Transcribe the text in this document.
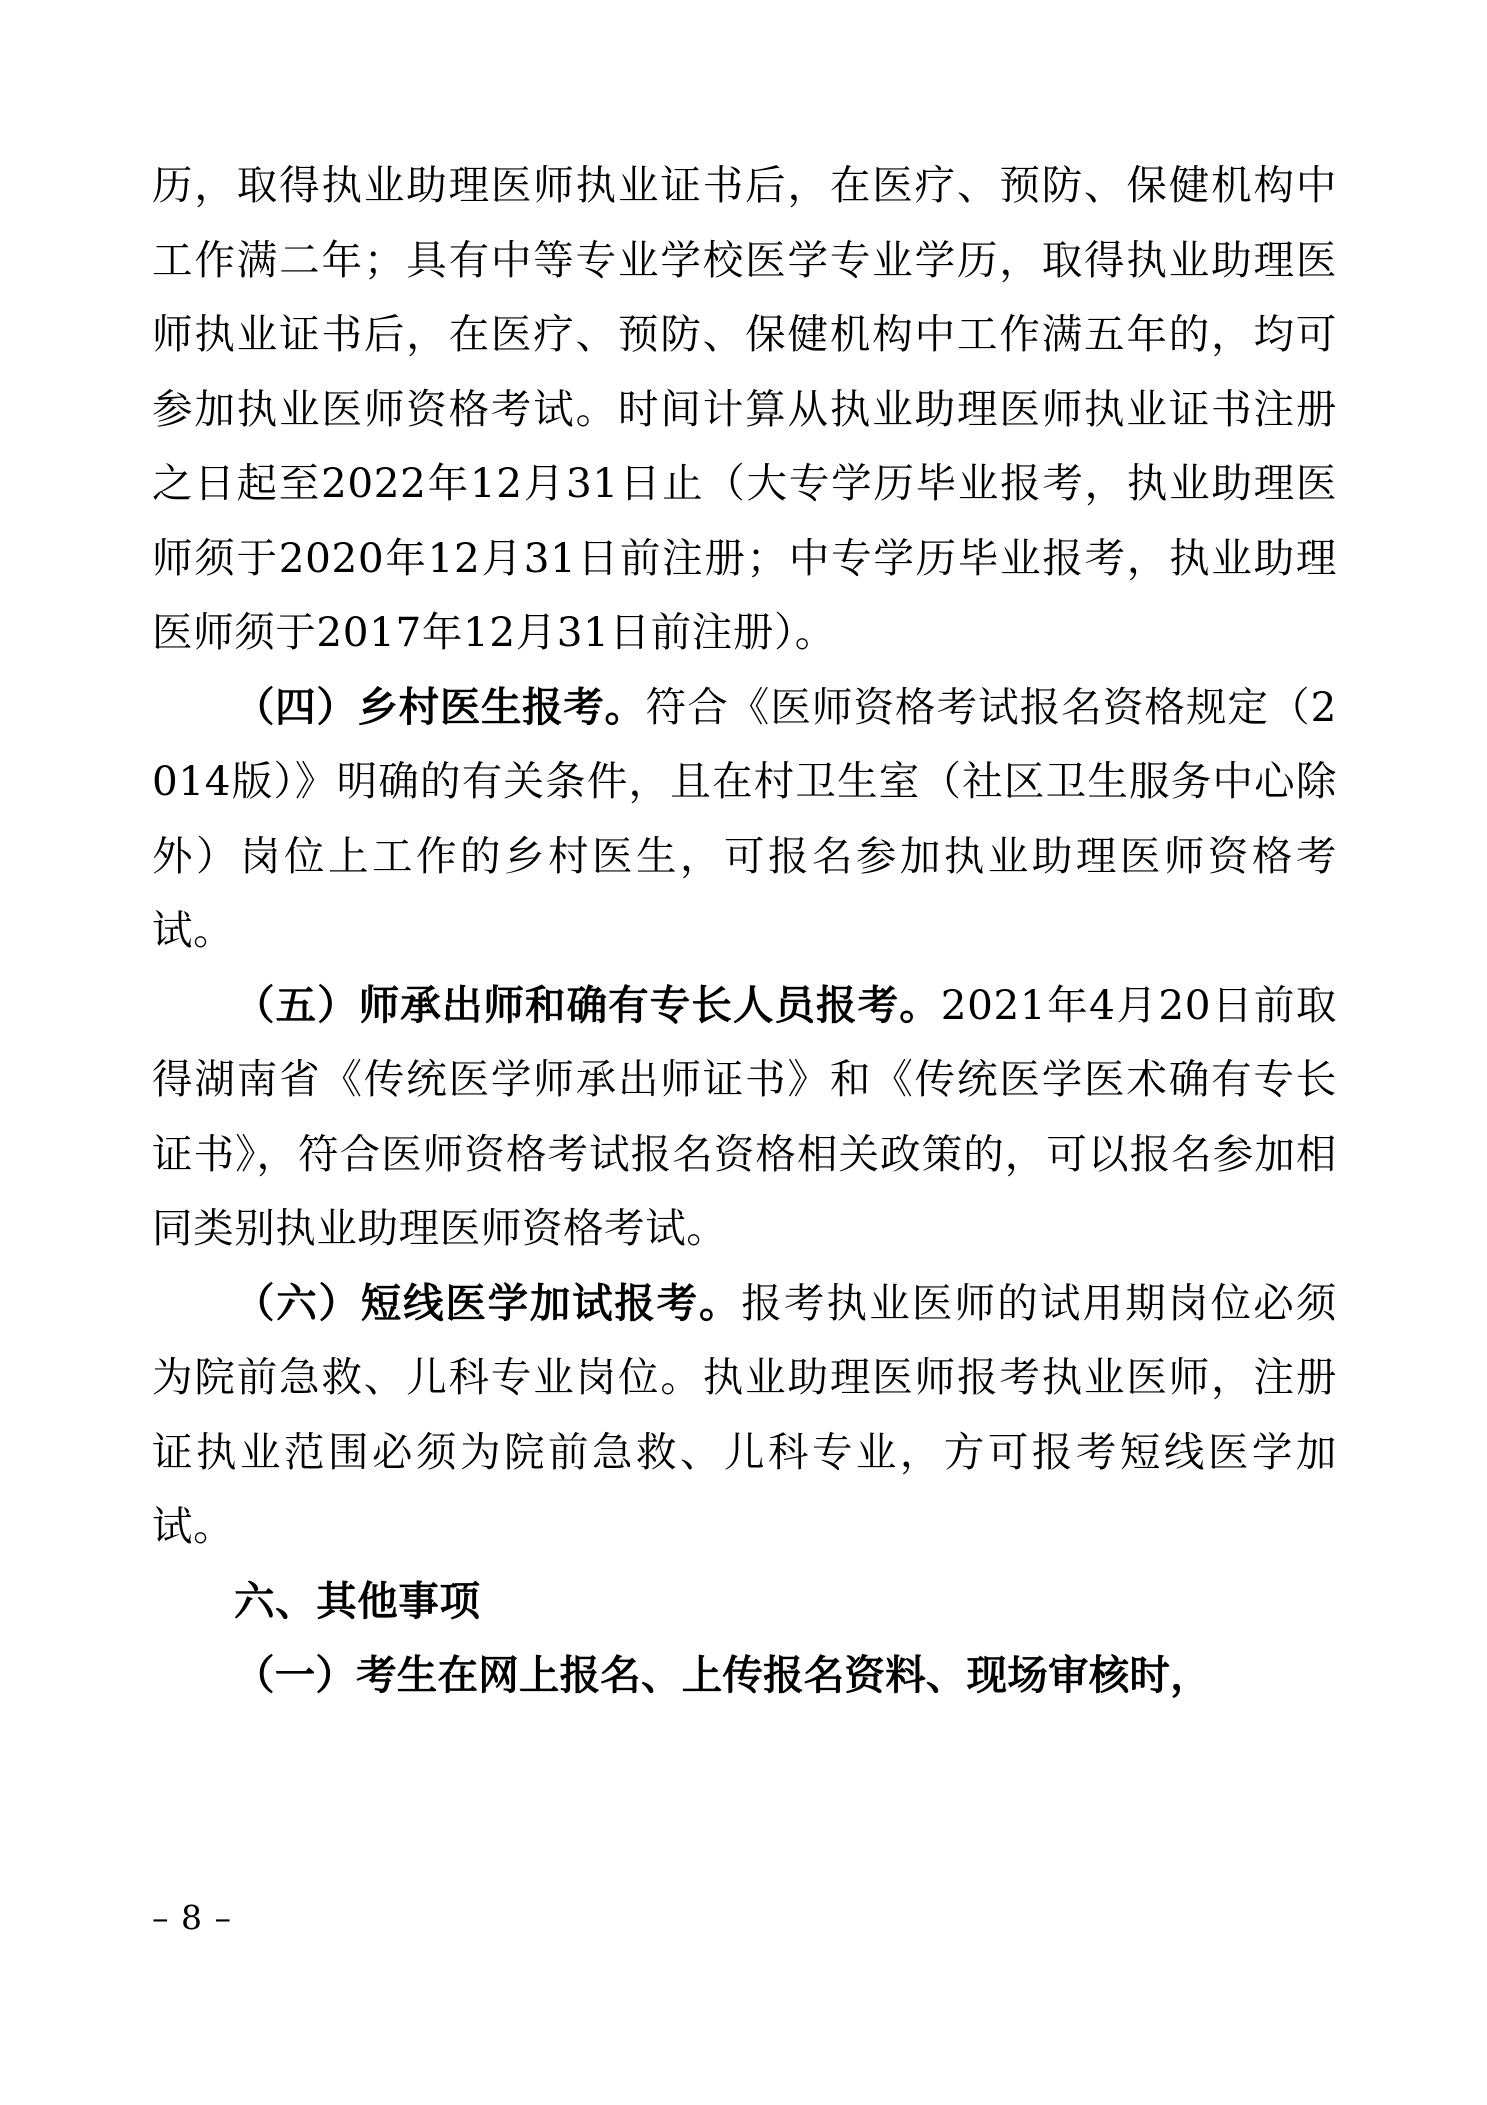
历，取得执业助理医师执业证书后，在医疗、预防、保健机构中工作满二年；具有中等专业学校医学专业学历，取得执业助理医师执业证书后，在医疗、预防、保健机构中工作满五年的，均可参加执业医师资格考试。时间计算从执业助理医师执业证书注册之日起至2022年12月31日止（大专学历毕业报考，执业助理医师须于2020年12月31日前注册；中专学历毕业报考，执业助理医师须于2017年12月31日前注册）。

（四）乡村医生报考。符合《医师资格考试报名资格规定（2014版）》明确的有关条件，且在村卫生室（社区卫生服务中心除外）岗位上工作的乡村医生，可报名参加执业助理医师资格考试。

（五）师承出师和确有专长人员报考。2021年4月20日前取得湖南省《传统医学师承出师证书》和《传统医学医术确有专长证书》，符合医师资格考试报名资格相关政策的，可以报名参加相同类别执业助理医师资格考试。

（六）短线医学加试报考。报考执业医师的试用期岗位必须为院前急救、儿科专业岗位。执业助理医师报考执业医师，注册证执业范围必须为院前急救、儿科专业，方可报考短线医学加试。

六、其他事项

（一）考生在网上报名、上传报名资料、现场审核时，

– 8 –
